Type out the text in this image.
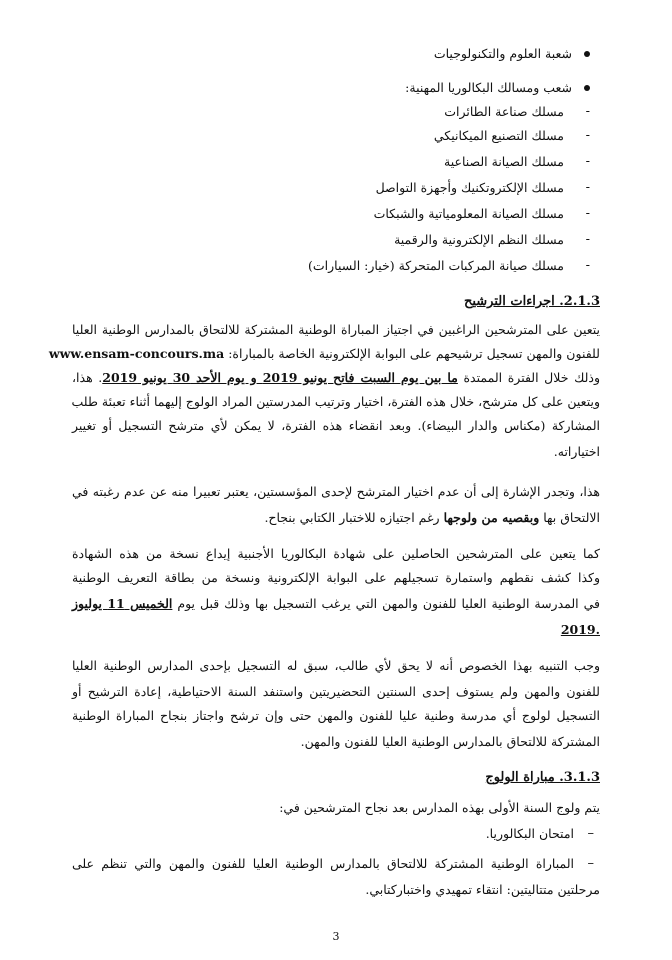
شعبة العلوم والتكنولوجيات
شعب ومسالك البكالوريا المهنية:
-
مسلك صناعة الطائرات
-
مسلك التصنيع الميكانيكي
-
مسلك الصيانة الصناعية
-
مسلك الإلكتروتكنيك وأجهزة التواصل
-
مسلك الصيانة المعلومياتية والشبكات
-
مسلك النظم الإلكترونية والرقمية
-
مسلك صيانة المركبات المتحركة (خيار: السيارات)
2.1.3. اجراءات الترشيح
يتعين على المترشحين الراغبين في اجتياز المباراة الوطنية المشتركة للالتحاق بالمدارس الوطنية العليا
للفنون والمهن تسجيل ترشيحهم على البوابة الإلكترونية الخاصة بالمباراة: www.ensam-concours.ma
وذلك خلال الفترة الممتدة ما بين يوم السبت فاتح يونيو 2019 و يوم الأحد 30 يونيو 2019. هذا،
ويتعين على كل مترشح، خلال هذه الفترة، اختيار وترتيب المدرستين المراد الولوج إليهما أثناء تعبئة طلب
المشاركة (مكناس والدار البيضاء). وبعد انقضاء هذه الفترة، لا يمكن لأي مترشح التسجيل أو تغيير
اختياراته.
هذا، وتجدر الإشارة إلى أن عدم اختيار المترشح لإحدى المؤسستين، يعتبر تعبيرا منه عن عدم رغبته في
الالتحاق بها وبقصيه من ولوجها رغم اجتيازه للاختبار الكتابي بنجاح.
كما يتعين على المترشحين الحاصلين على شهادة البكالوريا الأجنبية إيداع نسخة من هذه الشهادة
وكذا كشف نقطهم واستمارة تسجيلهم على البوابة الإلكترونية ونسخة من بطاقة التعريف الوطنية
في المدرسة الوطنية العليا للفنون والمهن التي يرغب التسجيل بها وذلك قبل يوم الخميس 11 يوليوز
2019.
وجب التنبيه بهذا الخصوص أنه لا يحق لأي طالب، سبق له التسجيل بإحدى المدارس الوطنية العليا
للفنون والمهن ولم يستوف إحدى السنتين التحضيريتين واستنفد السنة الاحتياطية، إعادة الترشيح أو
التسجيل لولوج أي مدرسة وطنية عليا للفنون والمهن حتى وإن ترشح واجتاز بنجاح المباراة الوطنية
المشتركة للالتحاق بالمدارس الوطنية العليا للفنون والمهن.
3.1.3. مباراة الولوج
يتم ولوج السنة الأولى بهذه المدارس بعد نجاح المترشحين في:
–
امتحان البكالوريا.
–
المباراة الوطنية المشتركة للالتحاق بالمدارس الوطنية العليا للفنون والمهن والتي تنظم على
مرحلتين متتاليتين: انتقاء تمهيدي واختباركتابي.
3
